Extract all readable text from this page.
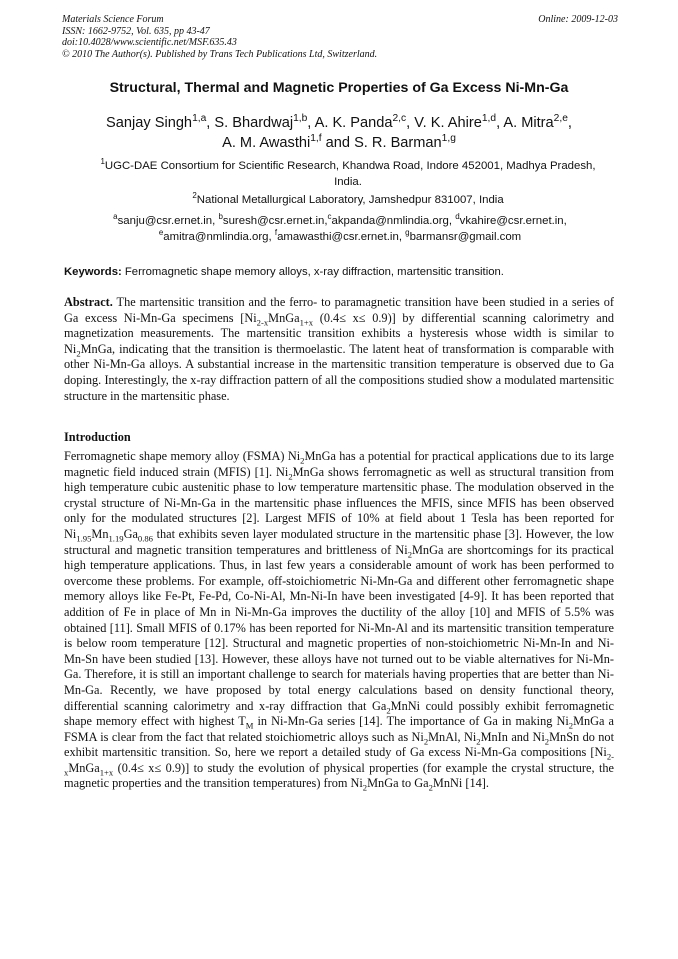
Materials Science Forum
ISSN: 1662-9752, Vol. 635, pp 43-47
doi:10.4028/www.scientific.net/MSF.635.43
© 2010 The Author(s). Published by Trans Tech Publications Ltd, Switzerland.
Online: 2009-12-03
Structural, Thermal and Magnetic Properties of Ga Excess Ni-Mn-Ga
Sanjay Singh$^{1,a}$, S. Bhardwaj$^{1,b}$, A. K. Panda$^{2,c}$, V. K. Ahire$^{1,d}$, A. Mitra$^{2,e}$,
A. M. Awasthi$^{1,f}$ and S. R. Barman$^{1,g}$
$^1$UGC-DAE Consortium for Scientific Research, Khandwa Road, Indore 452001, Madhya Pradesh, India.
$^2$National Metallurgical Laboratory, Jamshedpur 831007, India
$^a$sanju@csr.ernet.in, $^b$suresh@csr.ernet.in,$^c$akpanda@nmlindia.org, $^d$vkahire@csr.ernet.in,
$^e$amitra@nmlindia.org, $^f$amawasthi@csr.ernet.in, $^g$barmansr@gmail.com
Keywords: Ferromagnetic shape memory alloys, x-ray diffraction, martensitic transition.
Abstract. The martensitic transition and the ferro- to paramagnetic transition have been studied in a series of Ga excess Ni-Mn-Ga specimens [$Ni_{2-x}MnGa_{1+x}$ (0.4≤ x≤ 0.9)] by differential scanning calorimetry and magnetization measurements. The martensitic transition exhibits a hysteresis whose width is similar to $Ni_2MnGa$, indicating that the transition is thermoelastic. The latent heat of transformation is comparable with other Ni-Mn-Ga alloys. A substantial increase in the martensitic transition temperature is observed due to Ga doping. Interestingly, the x-ray diffraction pattern of all the compositions studied show a modulated martensitic structure in the martensitic phase.
Introduction
Ferromagnetic shape memory alloy (FSMA) $Ni_2MnGa$ has a potential for practical applications due to its large magnetic field induced strain (MFIS) [1]. $Ni_2MnGa$ shows ferromagnetic as well as structural transition from high temperature cubic austenitic phase to low temperature martensitic phase. The modulation observed in the crystal structure of Ni-Mn-Ga in the martensitic phase influences the MFIS, since MFIS has been observed only for the modulated structures [2]. Largest MFIS of 10% at field about 1 Tesla has been reported for $Ni_{1.95}Mn_{1.19}Ga_{0.86}$ that exhibits seven layer modulated structure in the martensitic phase [3]. However, the low structural and magnetic transition temperatures and brittleness of $Ni_2MnGa$ are shortcomings for its practical high temperature applications. Thus, in last few years a considerable amount of work has been performed to overcome these problems. For example, off-stoichiometric Ni-Mn-Ga and different other ferromagnetic shape memory alloys like Fe-Pt, Fe-Pd, Co-Ni-Al, Mn-Ni-In have been investigated [4-9]. It has been reported that addition of Fe in place of Mn in Ni-Mn-Ga improves the ductility of the alloy [10] and MFIS of 5.5% was obtained [11]. Small MFIS of 0.17% has been reported for Ni-Mn-Al and its martensitic transition temperature is below room temperature [12]. Structural and magnetic properties of non-stoichiometric Ni-Mn-In and Ni-Mn-Sn have been studied [13]. However, these alloys have not turned out to be viable alternatives for Ni-Mn-Ga. Therefore, it is still an important challenge to search for materials having properties that are better than Ni-Mn-Ga. Recently, we have proposed by total energy calculations based on density functional theory, differential scanning calorimetry and x-ray diffraction that $Ga_2MnNi$ could possibly exhibit ferromagnetic shape memory effect with highest $T_M$ in Ni-Mn-Ga series [14]. The importance of Ga in making $Ni_2MnGa$ a FSMA is clear from the fact that related stoichiometric alloys such as $Ni_2MnAl$, $Ni_2MnIn$ and $Ni_2MnSn$ do not exhibit martensitic transition. So, here we report a detailed study of Ga excess Ni-Mn-Ga compositions [$Ni_{2-x}MnGa_{1+x}$ (0.4≤ x≤ 0.9)] to study the evolution of physical properties (for example the crystal structure, the magnetic properties and the transition temperatures) from $Ni_2MnGa$ to $Ga_2MnNi$ [14].
